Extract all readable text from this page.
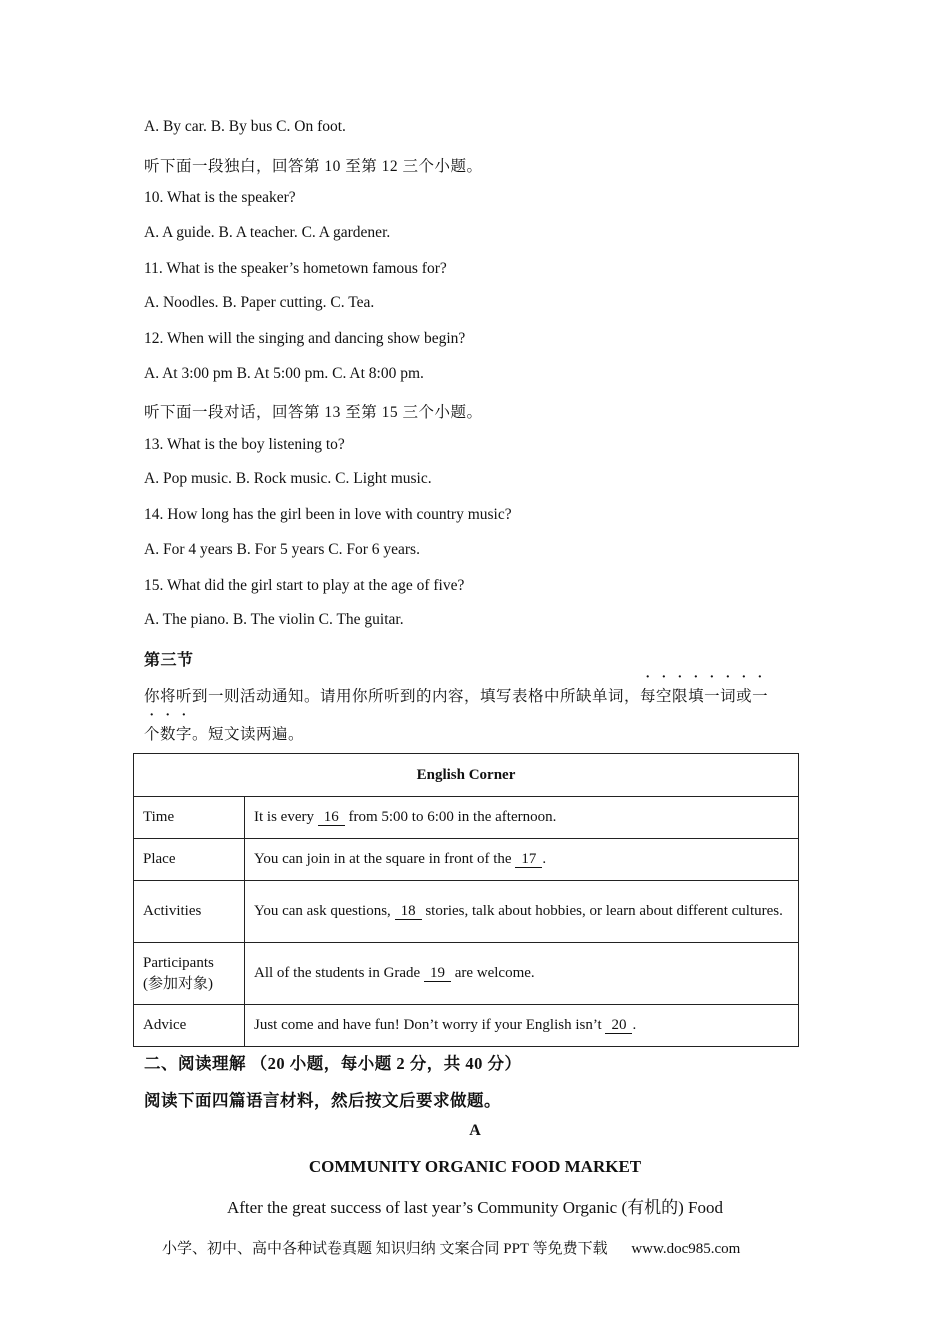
A. By car. B. By bus C. On foot.
听下面一段独白，回答第 10 至第 12 三个小题。
10. What is the speaker?
A. A guide. B. A teacher. C. A gardener.
11. What is the speaker’s hometown famous for?
A. Noodles. B. Paper cutting. C. Tea.
12. When will the singing and dancing show begin?
A. At 3:00 pm B. At 5:00 pm. C. At 8:00 pm.
听下面一段对话，回答第 13 至第 15 三个小题。
13. What is the boy listening to?
A. Pop music. B. Rock music. C. Light music.
14. How long has the girl been in love with country music?
A. For 4 years B. For 5 years C. For 6 years.
15. What did the girl start to play at the age of five?
A. The piano. B. The violin C. The guitar.
第三节
你将听到一则活动通知。请用你所听到的内容，填写表格中所缺单词，每空限填一词或一
个数字。短文读两遍。
English Corner	
Time	It is every 16 from 5:00 to 6:00 in the afternoon.
Place	You can join in at the square in front of the 17 .
Activities	You can ask questions, 18 stories, talk about hobbies, or learn about different cultures.
Participants (参加对象)	All of the students in Grade 19 are welcome.
Advice	Just come and have fun! Don’t worry if your English isn’t 20 .
二、阅读理解 （20 小题，每小题 2 分，共 40 分）
阅读下面四篇语言材料，然后按文后要求做题。
A
COMMUNITY ORGANIC FOOD MARKET
After the great success of last year’s Community Organic (有机的) Food
小学、初中、高中各种试卷真题 知识归纳 文案合同 PPT 等免费下载 www.doc985.com
